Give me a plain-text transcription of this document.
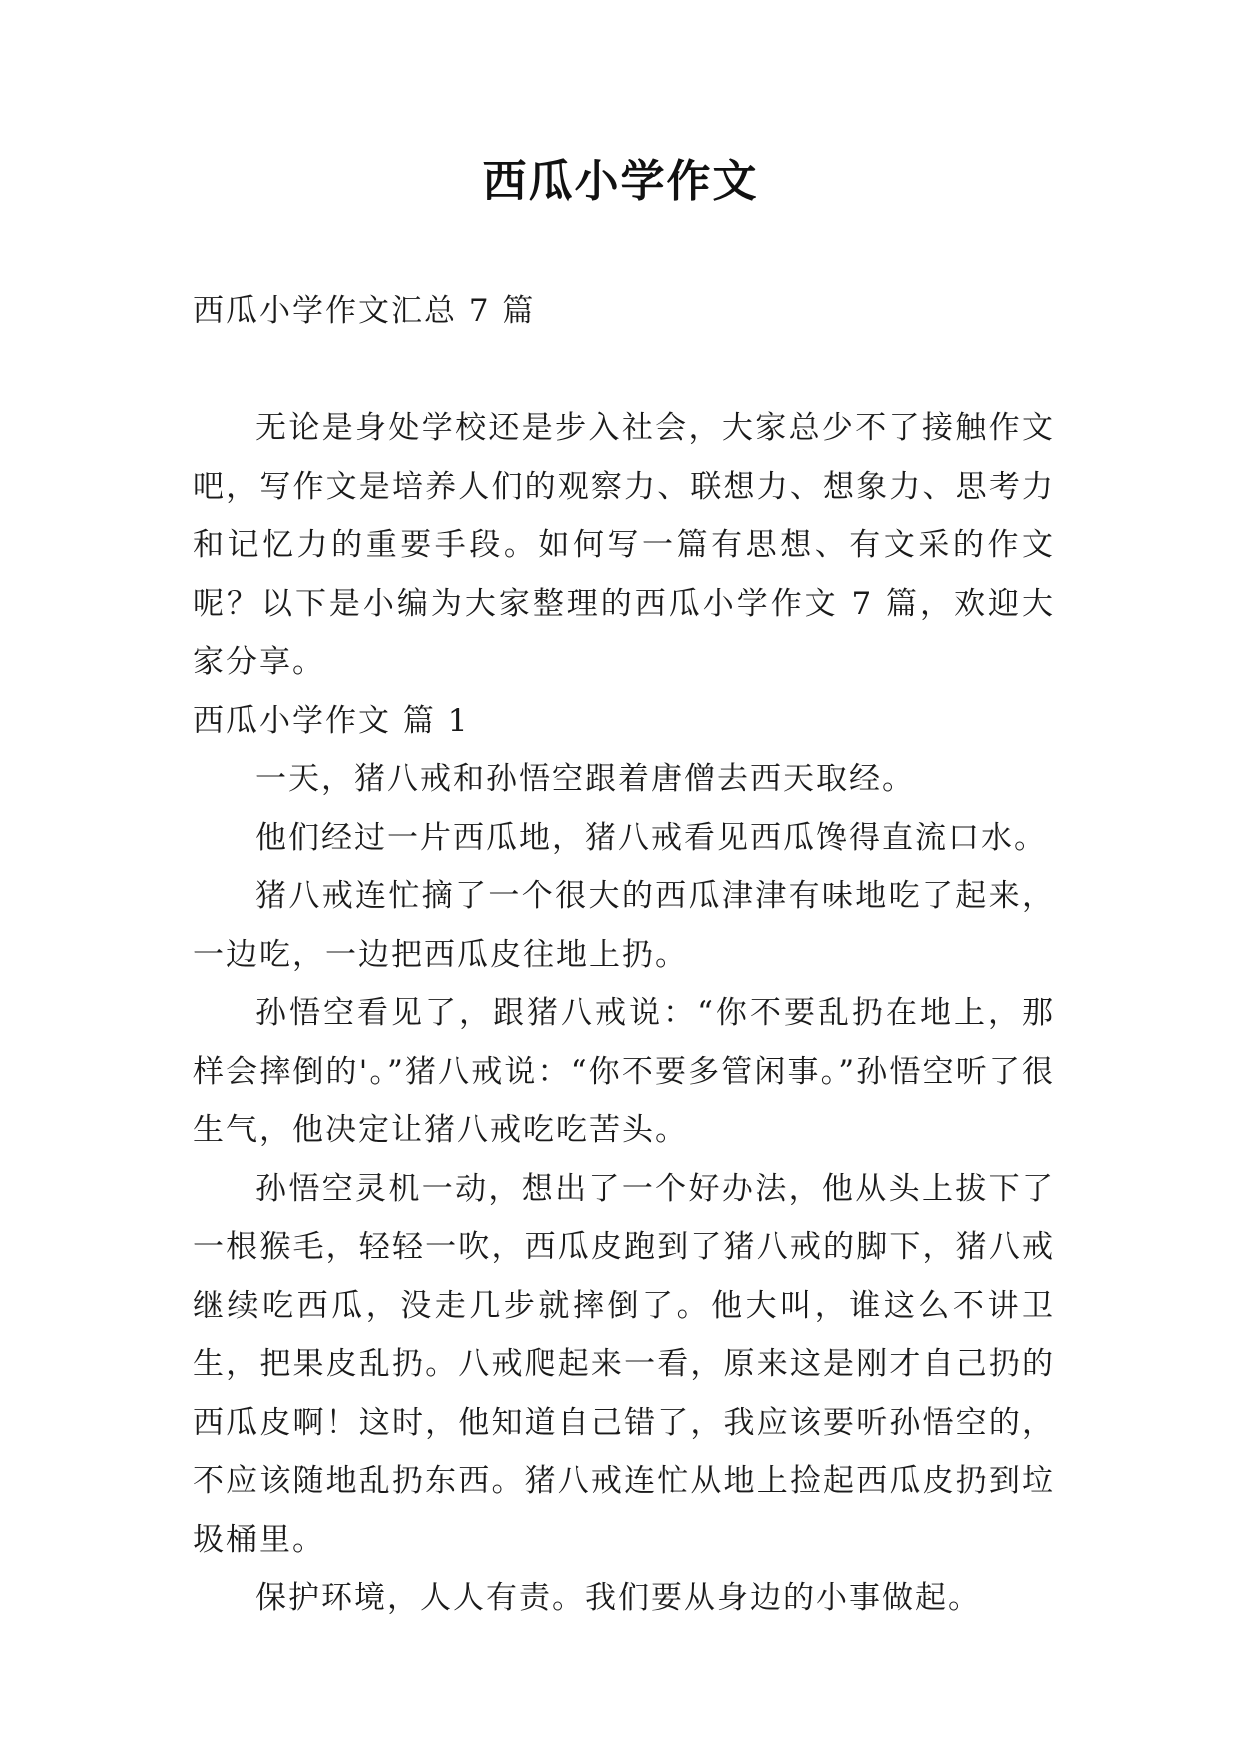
西瓜小学作文

西瓜小学作文汇总 7 篇

无论是身处学校还是步入社会，大家总少不了接触作文吧，写作文是培养人们的观察力、联想力、想象力、思考力和记忆力的重要手段。如何写一篇有思想、有文采的作文呢？以下是小编为大家整理的西瓜小学作文 7 篇，欢迎大家分享。

西瓜小学作文 篇 1

一天，猪八戒和孙悟空跟着唐僧去西天取经。

他们经过一片西瓜地，猪八戒看见西瓜馋得直流口水。

猪八戒连忙摘了一个很大的西瓜津津有味地吃了起来，一边吃，一边把西瓜皮往地上扔。

孙悟空看见了，跟猪八戒说：“你不要乱扔在地上，那样会摔倒的'。”猪八戒说：“你不要多管闲事。”孙悟空听了很生气，他决定让猪八戒吃吃苦头。

孙悟空灵机一动，想出了一个好办法，他从头上拔下了一根猴毛，轻轻一吹，西瓜皮跑到了猪八戒的脚下，猪八戒继续吃西瓜，没走几步就摔倒了。他大叫，谁这么不讲卫生，把果皮乱扔。八戒爬起来一看，原来这是刚才自己扔的西瓜皮啊！这时，他知道自己错了，我应该要听孙悟空的，不应该随地乱扔东西。猪八戒连忙从地上捡起西瓜皮扔到垃圾桶里。

保护环境，人人有责。我们要从身边的小事做起。
